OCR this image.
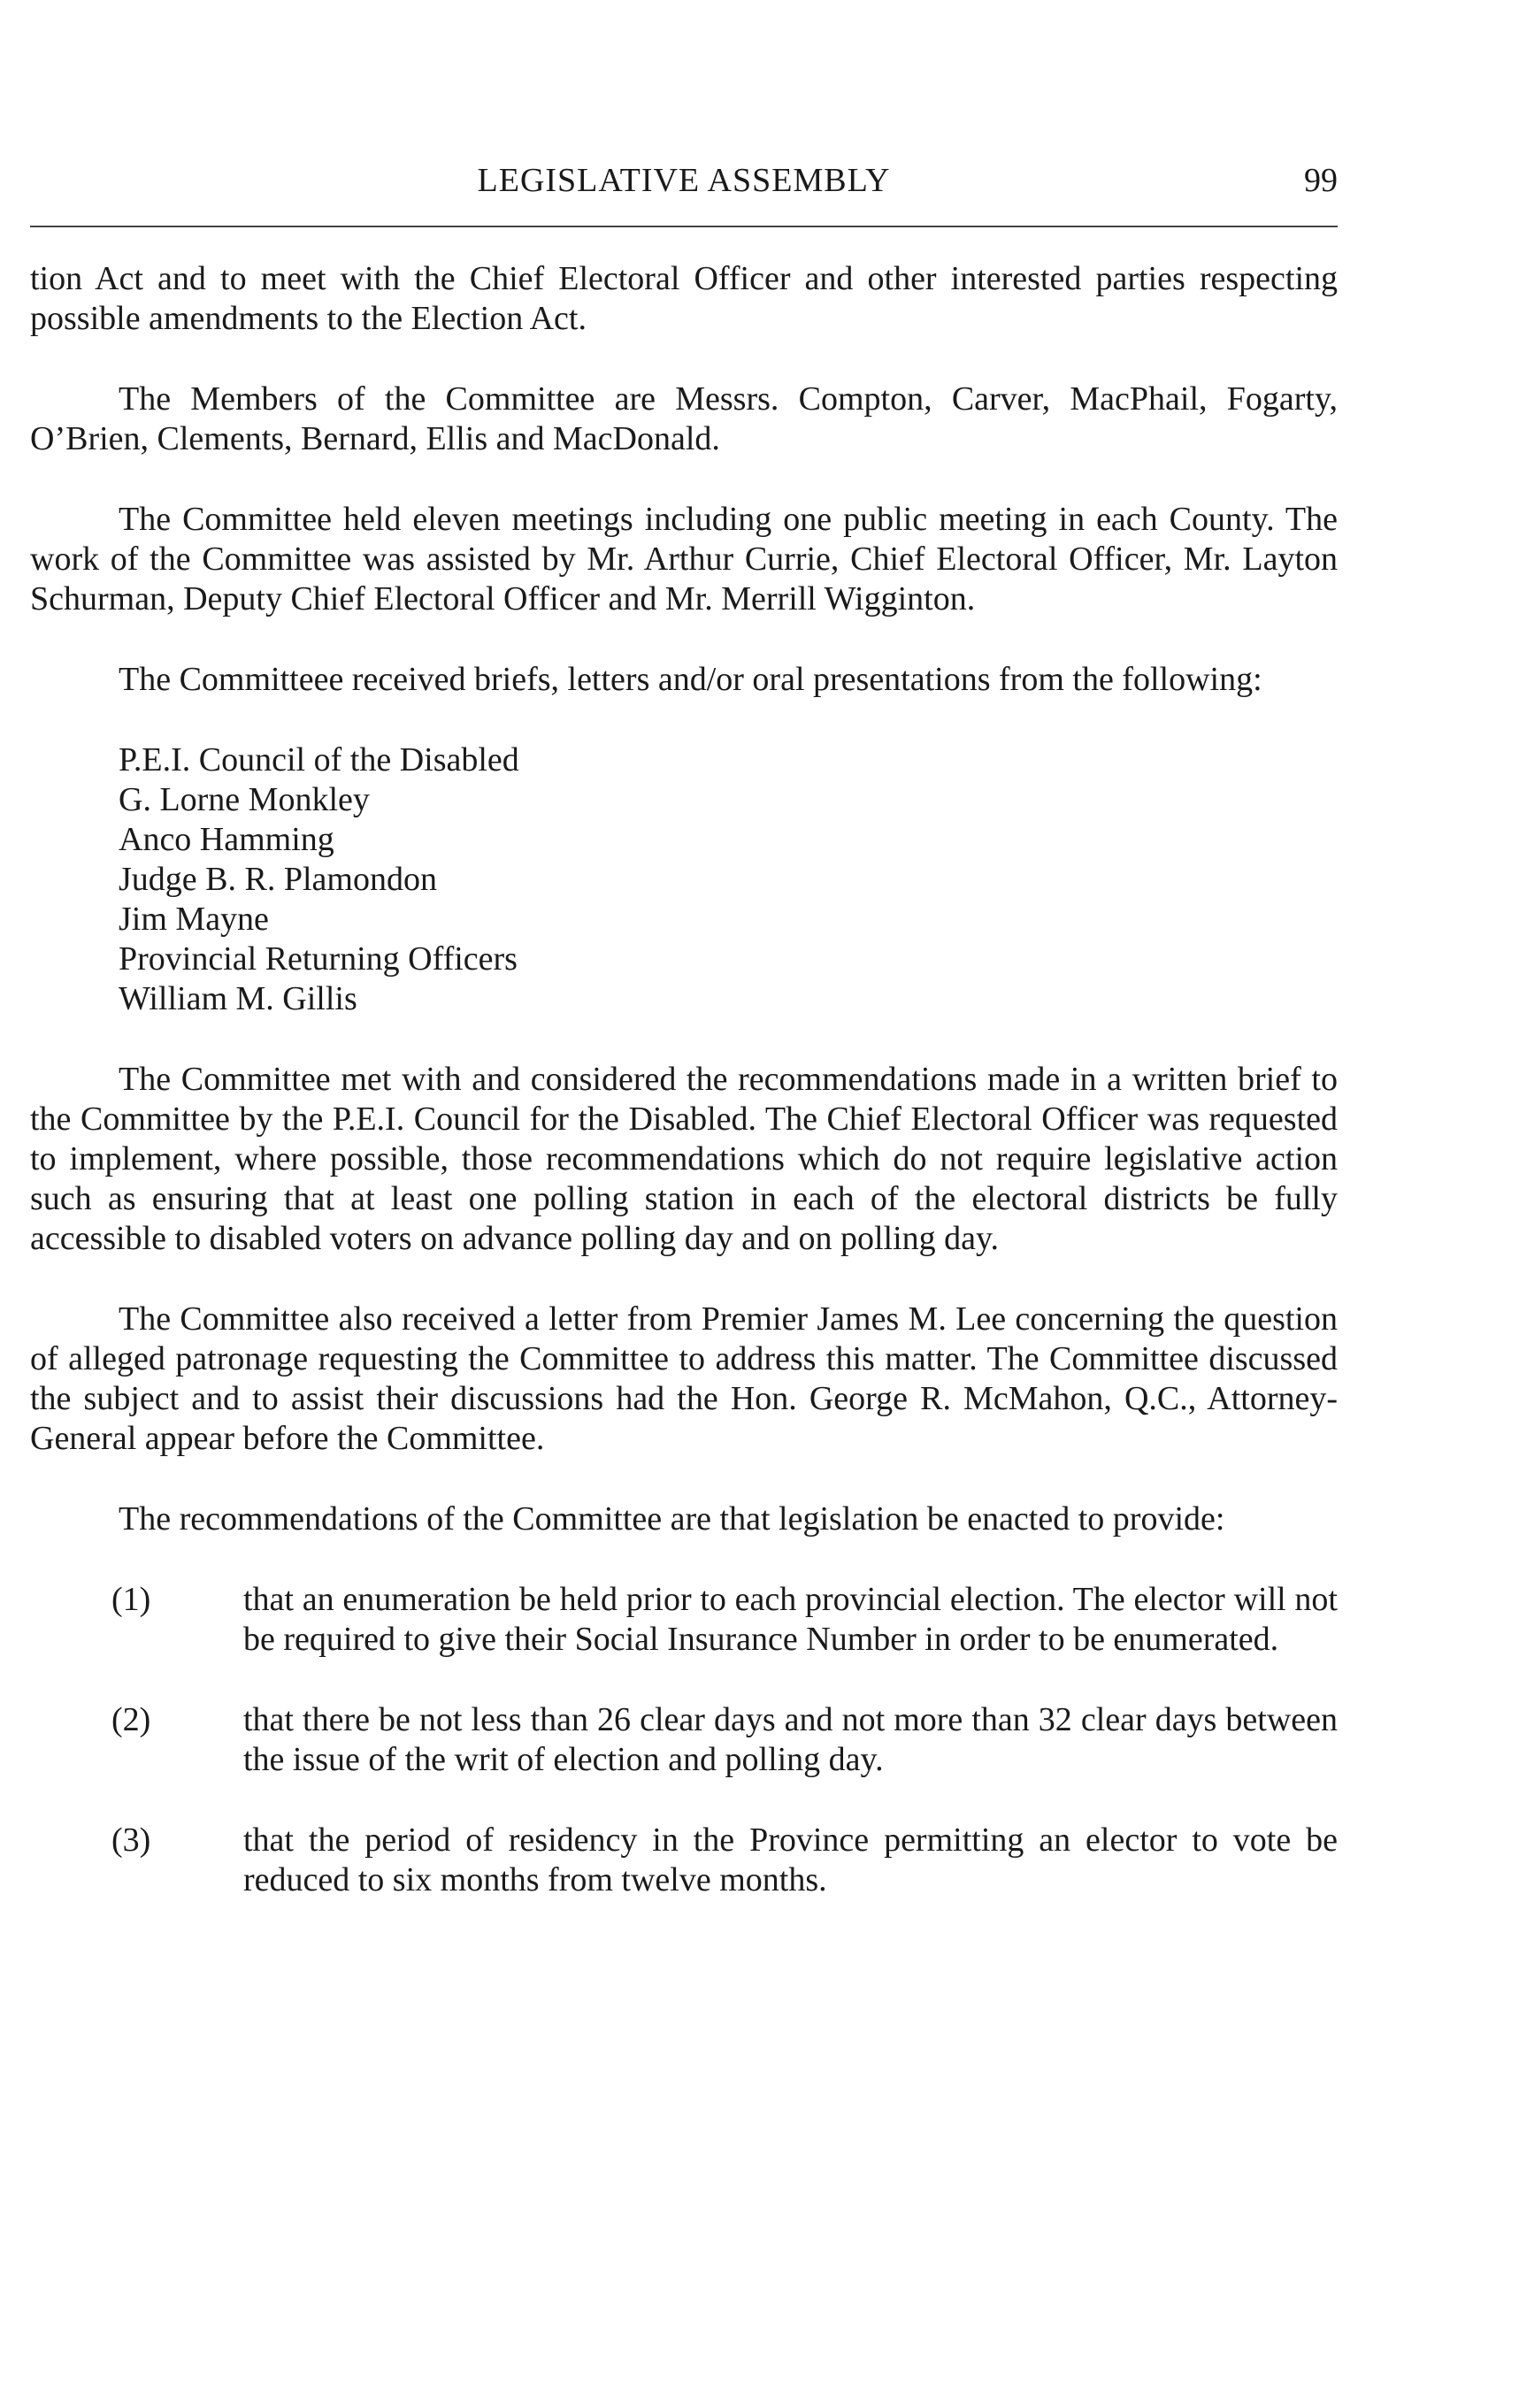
LEGISLATIVE ASSEMBLY	99

tion Act and to meet with the Chief Electoral Officer and other interested parties respecting possible amendments to the Election Act.

The Members of the Committee are Messrs. Compton, Carver, MacPhail, Fogarty, O’Brien, Clements, Bernard, Ellis and MacDonald.

The Committee held eleven meetings including one public meeting in each County. The work of the Committee was assisted by Mr. Arthur Currie, Chief Electoral Officer, Mr. Layton Schurman, Deputy Chief Electoral Officer and Mr. Merrill Wigginton.

The Committeee received briefs, letters and/or oral presentations from the following:

P.E.I. Council of the Disabled
G. Lorne Monkley
Anco Hamming
Judge B. R. Plamondon
Jim Mayne
Provincial Returning Officers
William M. Gillis

The Committee met with and considered the recommendations made in a written brief to the Committee by the P.E.I. Council for the Disabled. The Chief Electoral Officer was requested to implement, where possible, those recommendations which do not require legislative action such as ensuring that at least one polling station in each of the electoral districts be fully accessible to disabled voters on advance polling day and on polling day.

The Committee also received a letter from Premier James M. Lee concerning the question of alleged patronage requesting the Committee to address this matter. The Committee discussed the subject and to assist their discussions had the Hon. George R. McMahon, Q.C., Attorney-General appear before the Committee.

The recommendations of the Committee are that legislation be enacted to provide:

(1)	that an enumeration be held prior to each provincial election. The elector will not be required to give their Social Insurance Number in order to be enumerated.
(2)	that there be not less than 26 clear days and not more than 32 clear days between the issue of the writ of election and polling day.
(3)	that the period of residency in the Province permitting an elector to vote be reduced to six months from twelve months.
